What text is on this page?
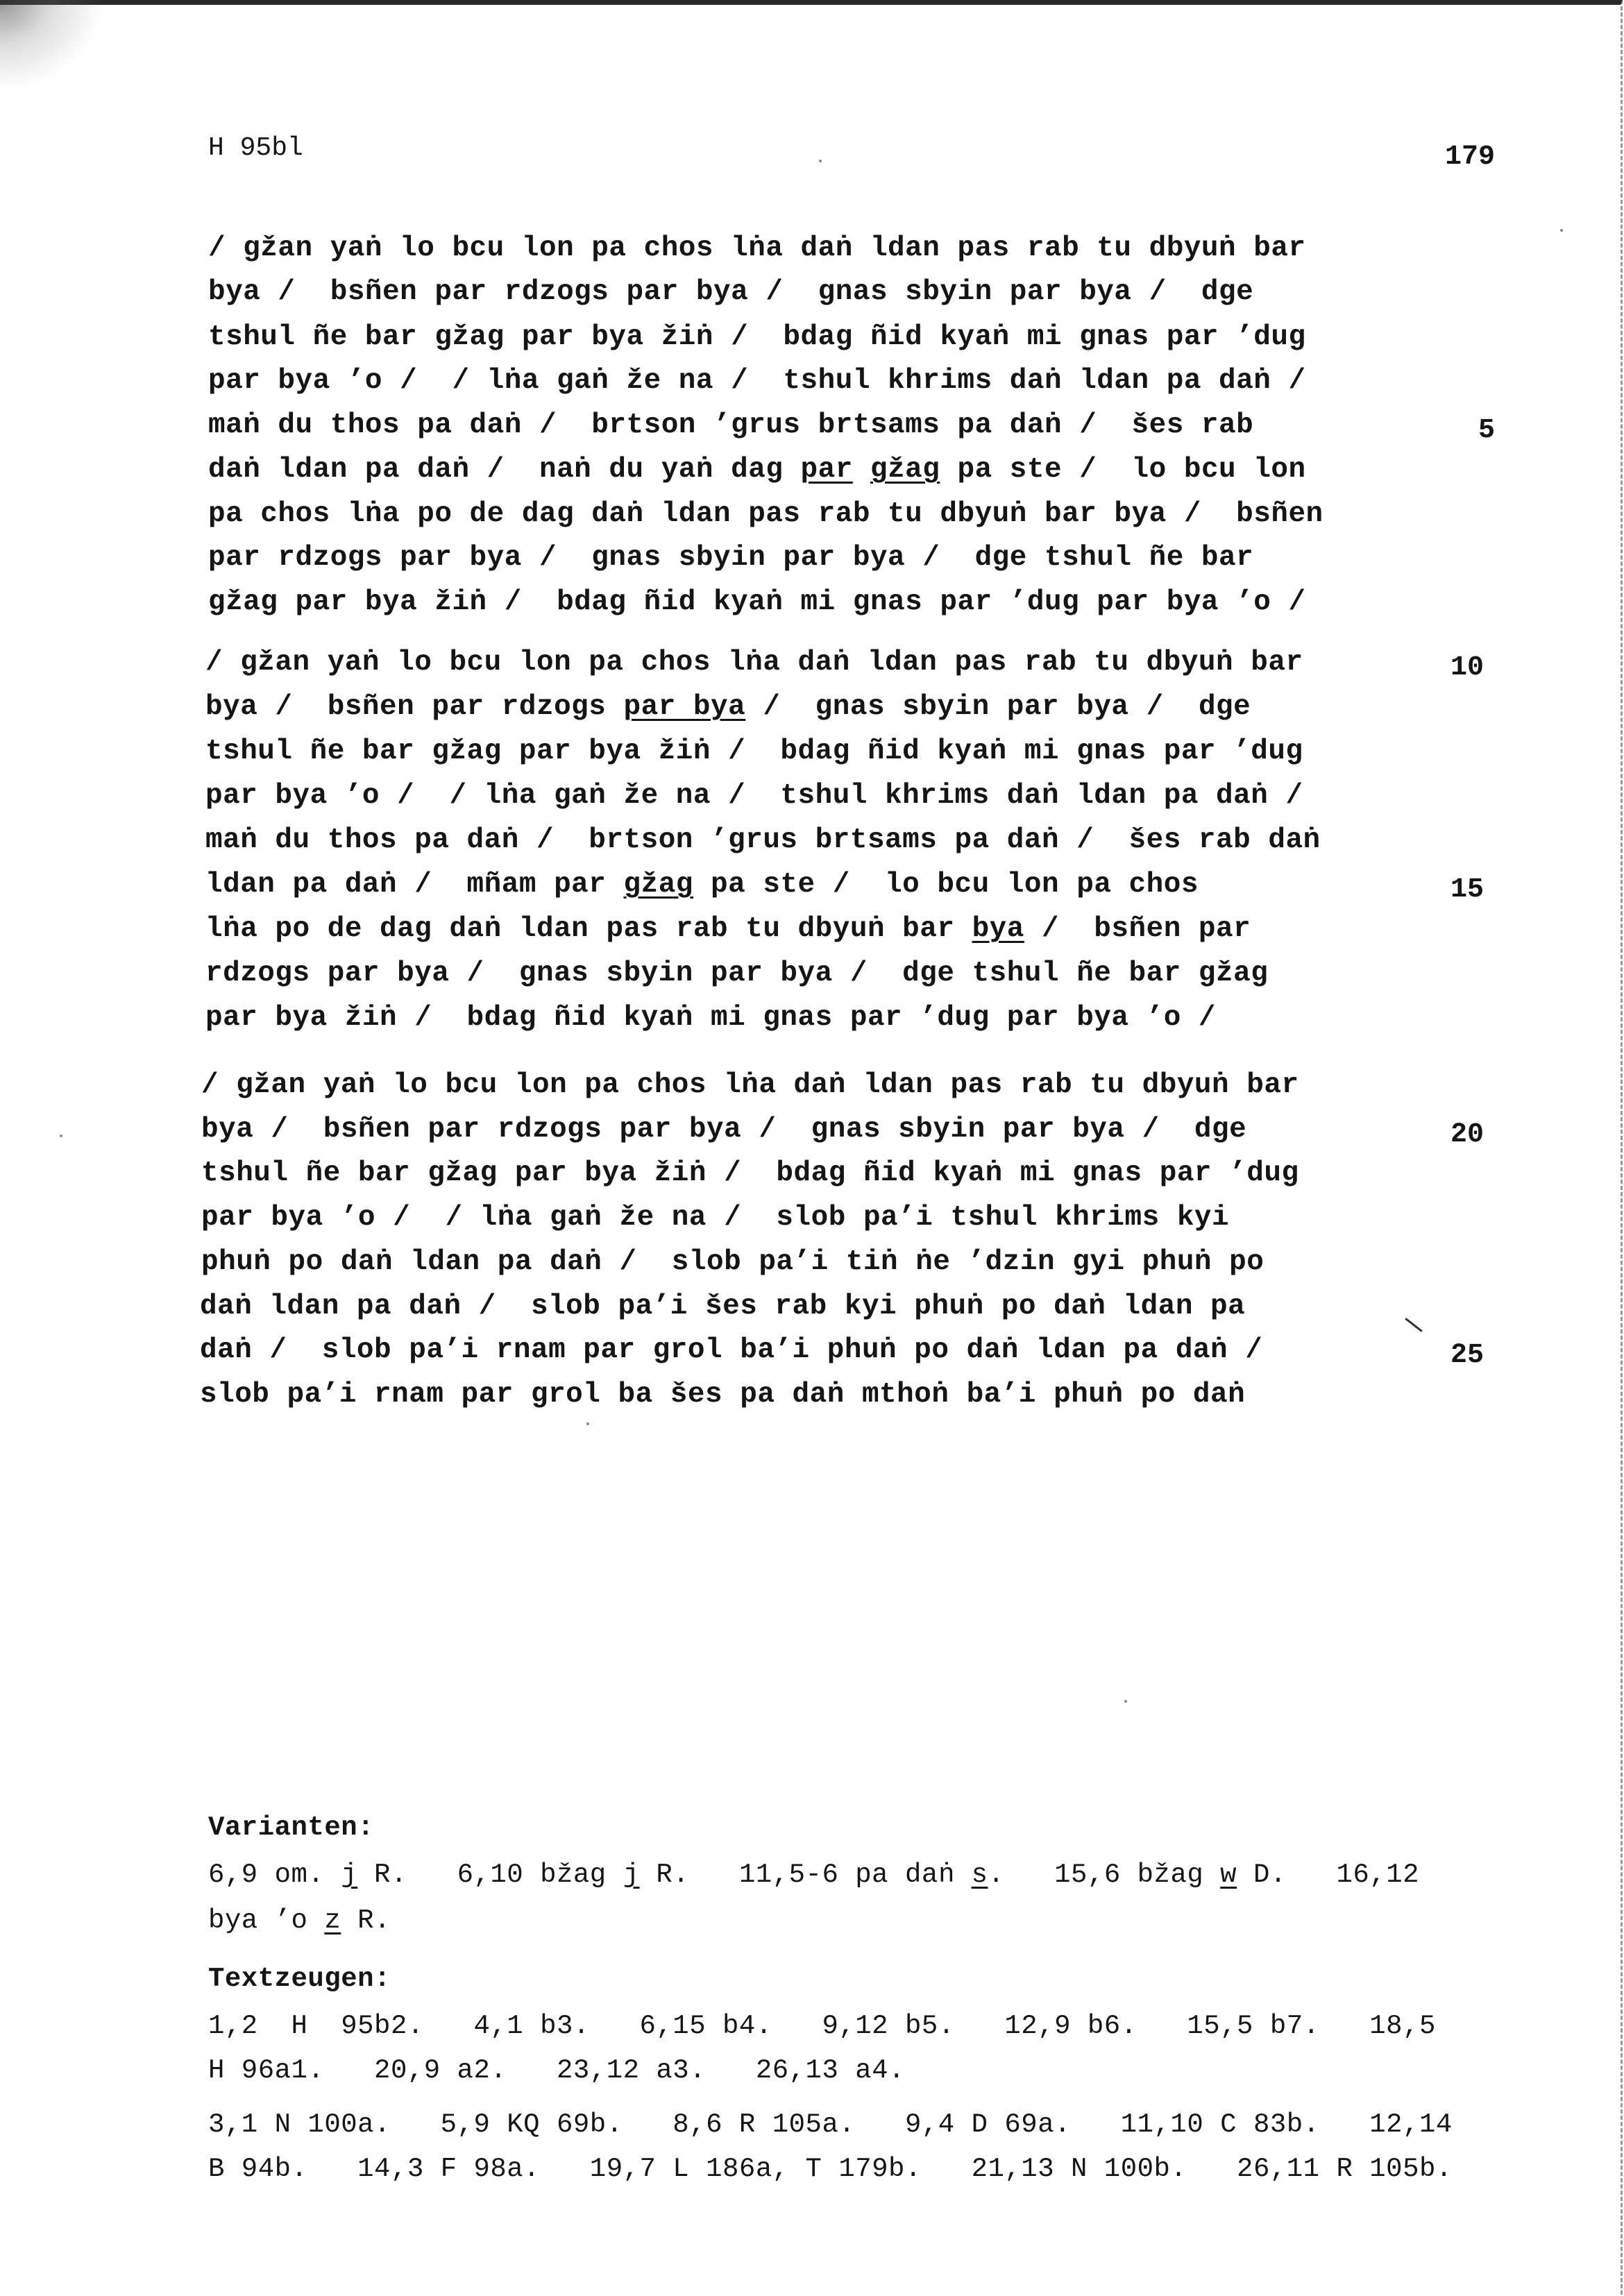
H 95bl	179
/ gžan yaṅ lo bcu lon pa chos lṅa daṅ ldan pas rab tu dbyuṅ bar
bya /  bsñen par rdzogs par bya /  gnas sbyin par bya /  dge
tshul ñe bar gžag par bya žiṅ /  bdag ñid kyaṅ mi gnas par ’dug
par bya ’o /  / lṅa gaṅ že na /  tshul khrims daṅ ldan pa daṅ /
maṅ du thos pa daṅ /  brtson ’grus brtsams pa daṅ /  šes rab
daṅ ldan pa daṅ /  naṅ du yaṅ dag par gžag pa ste /  lo bcu lon
pa chos lṅa po de dag daṅ ldan pas rab tu dbyuṅ bar bya /  bsñen
par rdzogs par bya /  gnas sbyin par bya /  dge tshul ñe bar
gžag par bya žiṅ /  bdag ñid kyaṅ mi gnas par ’dug par bya ’o /
/ gžan yaṅ lo bcu lon pa chos lṅa daṅ ldan pas rab tu dbyuṅ bar
bya /  bsñen par rdzogs par bya /  gnas sbyin par bya /  dge
tshul ñe bar gžag par bya žiṅ /  bdag ñid kyaṅ mi gnas par ’dug
par bya ’o /  / lṅa gaṅ že na /  tshul khrims daṅ ldan pa daṅ /
maṅ du thos pa daṅ /  brtson ’grus brtsams pa daṅ /  šes rab daṅ
ldan pa daṅ /  mñam par gžag pa ste /  lo bcu lon pa chos
lṅa po de dag daṅ ldan pas rab tu dbyuṅ bar bya /  bsñen par
rdzogs par bya /  gnas sbyin par bya /  dge tshul ñe bar gžag
par bya žiṅ /  bdag ñid kyaṅ mi gnas par ’dug par bya ’o /
/ gžan yaṅ lo bcu lon pa chos lṅa daṅ ldan pas rab tu dbyuṅ bar
bya /  bsñen par rdzogs par bya /  gnas sbyin par bya /  dge
tshul ñe bar gžag par bya žiṅ /  bdag ñid kyaṅ mi gnas par ’dug
par bya ’o /  / lṅa gaṅ že na /  slob pa’i tshul khrims kyi
phuṅ po daṅ ldan pa daṅ /  slob pa’i tiṅ ṅe ’dzin gyi phuṅ po
daṅ ldan pa daṅ /  slob pa’i šes rab kyi phuṅ po daṅ ldan pa
daṅ /  slob pa’i rnam par grol ba’i phuṅ po daṅ ldan pa daṅ /
slob pa’i rnam par grol ba šes pa daṅ mthoṅ ba’i phuṅ po daṅ
5
10
15
20
25
Varianten:
6,9 om. j R.   6,10 bžag j R.   11,5-6 pa daṅ s.   15,6 bžag w D.   16,12
bya ’o z R.
Textzeugen:
1,2  H  95b2.   4,1 b3.   6,15 b4.   9,12 b5.   12,9 b6.   15,5 b7.   18,5
H 96a1.   20,9 a2.   23,12 a3.   26,13 a4.
3,1 N 100a.   5,9 KQ 69b.   8,6 R 105a.   9,4 D 69a.   11,10 C 83b.   12,14
B 94b.   14,3 F 98a.   19,7 L 186a, T 179b.   21,13 N 100b.   26,11 R 105b.
